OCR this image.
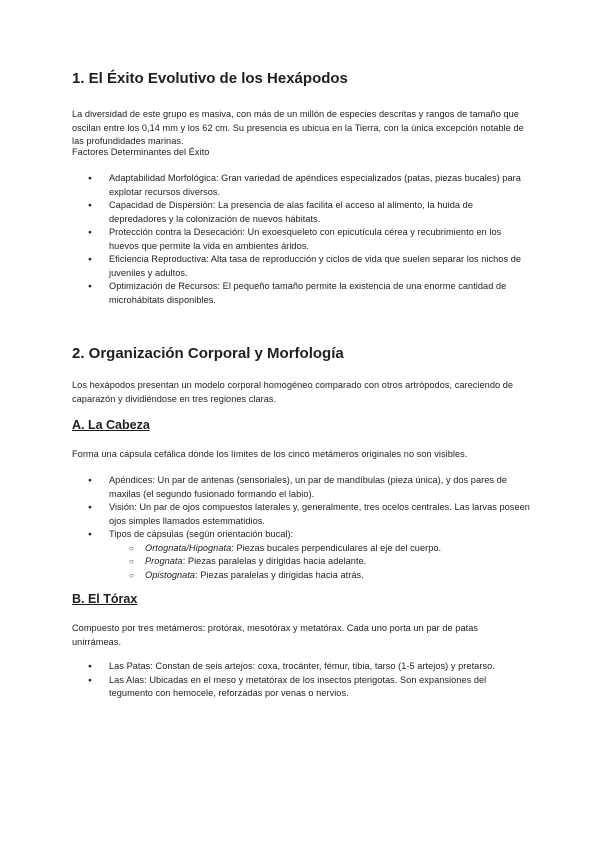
1. El Éxito Evolutivo de los Hexápodos

La diversidad de este grupo es masiva, con más de un millón de especies descritas y rangos de tamaño que oscilan entre los 0,14 mm y los 62 cm. Su presencia es ubicua en la Tierra, con la única excepción notable de las profundidades marinas.

Factores Determinantes del Éxito

● Adaptabilidad Morfológica: Gran variedad de apéndices especializados (patas, piezas bucales) para explotar recursos diversos.
● Capacidad de Dispersión: La presencia de alas facilita el acceso al alimento, la huida de depredadores y la colonización de nuevos hábitats.
● Protección contra la Desecación: Un exoesqueleto con epicutícula cérea y recubrimiento en los huevos que permite la vida en ambientes áridos.
● Eficiencia Reproductiva: Alta tasa de reproducción y ciclos de vida que suelen separar los nichos de juveniles y adultos.
● Optimización de Recursos: El pequeño tamaño permite la existencia de una enorme cantidad de microhábitats disponibles.
2. Organización Corporal y Morfología

Los hexápodos presentan un modelo corporal homogéneo comparado con otros artrópodos, careciendo de caparazón y dividiéndose en tres regiones claras.

A. La Cabeza

Forma una cápsula cefálica donde los límites de los cinco metámeros originales no son visibles.

● Apéndices: Un par de antenas (sensoriales), un par de mandíbulas (pieza única), y dos pares de maxilas (el segundo fusionado formando el labio).
● Visión: Un par de ojos compuestos laterales y, generalmente, tres ocelos centrales. Las larvas poseen ojos simples llamados estemmatidios.
● Tipos de cápsulas (según orientación bucal):
○ Ortognata/Hipognata: Piezas bucales perpendiculares al eje del cuerpo.
○ Prognata: Piezas paralelas y dirigidas hacia adelante.
○ Opistognata: Piezas paralelas y dirigidas hacia atrás.
B. El Tórax

Compuesto por tres metámeros: protórax, mesotórax y metatórax. Cada uno porta un par de patas unirrámeas.

● Las Patas: Constan de seis artejos: coxa, trocánter, fémur, tibia, tarso (1-5 artejos) y pretarso.
● Las Alas: Ubicadas en el meso y metatórax de los insectos pterigotas. Son expansiones del tegumento con hemocele, reforzadas por venas o nervios.
